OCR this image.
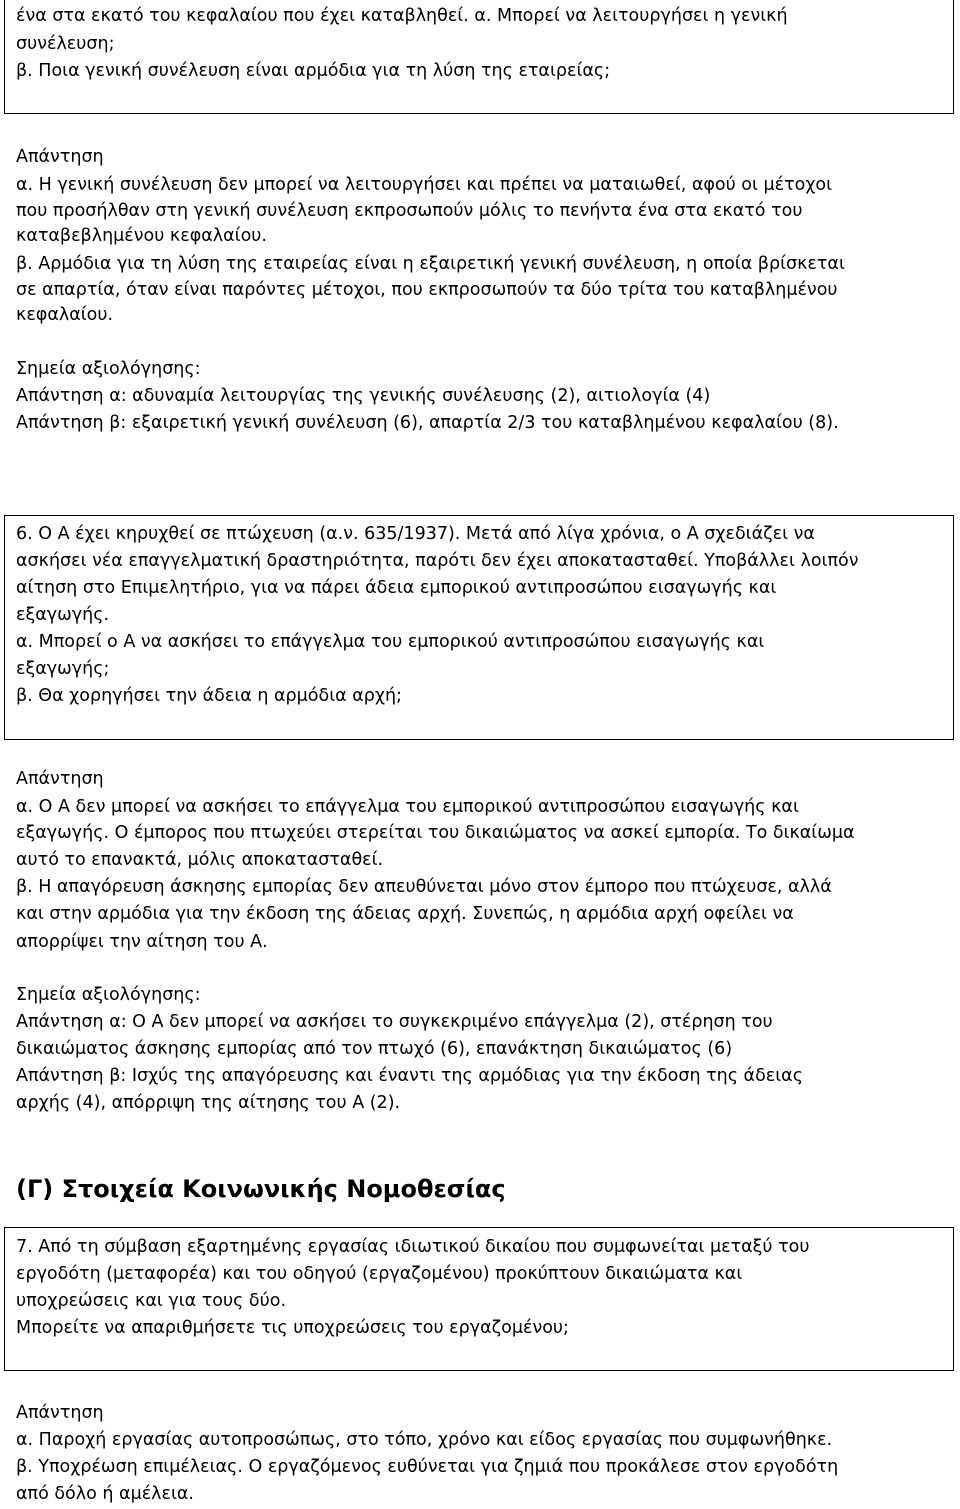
ένα στα εκατό του κεφαλαίου που έχει καταβληθεί. α. Μπορεί να λειτουργήσει η γενική
συνέλευση;
β. Ποια γενική συνέλευση είναι αρμόδια για τη λύση της εταιρείας;
Απάντηση
α. Η γενική συνέλευση δεν μπορεί να λειτουργήσει και πρέπει να ματαιωθεί, αφού οι μέτοχοι
που προσήλθαν στη γενική συνέλευση εκπροσωπούν μόλις το πενήντα ένα στα εκατό του
καταβεβλημένου κεφαλαίου.
β. Αρμόδια για τη λύση της εταιρείας είναι η εξαιρετική γενική συνέλευση, η οποία βρίσκεται
σε απαρτία, όταν είναι παρόντες μέτοχοι, που εκπροσωπούν τα δύο τρίτα του καταβλημένου
κεφαλαίου.
Σημεία αξιολόγησης:
Απάντηση α: αδυναμία λειτουργίας της γενικής συνέλευσης (2), αιτιολογία (4)
Απάντηση β: εξαιρετική γενική συνέλευση (6), απαρτία 2/3 του καταβλημένου κεφαλαίου (8).
6. Ο Α έχει κηρυχθεί σε πτώχευση (α.ν. 635/1937). Μετά από λίγα χρόνια, ο Α σχεδιάζει να
ασκήσει νέα επαγγελματική δραστηριότητα, παρότι δεν έχει αποκατασταθεί. Υποβάλλει λοιπόν
αίτηση στο Επιμελητήριο, για να πάρει άδεια εμπορικού αντιπροσώπου εισαγωγής και
εξαγωγής.
α. Μπορεί ο Α να ασκήσει το επάγγελμα του εμπορικού αντιπροσώπου εισαγωγής και
εξαγωγής;
β. Θα χορηγήσει την άδεια η αρμόδια αρχή;
Απάντηση
α. Ο Α δεν μπορεί να ασκήσει το επάγγελμα του εμπορικού αντιπροσώπου εισαγωγής και
εξαγωγής. Ο έμπορος που πτωχεύει στερείται του δικαιώματος να ασκεί εμπορία. Το δικαίωμα
αυτό το επανακτά, μόλις αποκατασταθεί.
β. Η απαγόρευση άσκησης εμπορίας δεν απευθύνεται μόνο στον έμπορο που πτώχευσε, αλλά
και στην αρμόδια για την έκδοση της άδειας αρχή. Συνεπώς, η αρμόδια αρχή οφείλει να
απορρίψει την αίτηση του Α.
Σημεία αξιολόγησης:
Απάντηση α: Ο Α δεν μπορεί να ασκήσει το συγκεκριμένο επάγγελμα (2), στέρηση του
δικαιώματος άσκησης εμπορίας από τον πτωχό (6), επανάκτηση δικαιώματος (6)
Απάντηση β: Ισχύς της απαγόρευσης και έναντι της αρμόδιας για την έκδοση της άδειας
αρχής (4), απόρριψη της αίτησης του Α (2).
(Γ) Στοιχεία Κοινωνικής Νομοθεσίας
7. Από τη σύμβαση εξαρτημένης εργασίας ιδιωτικού δικαίου που συμφωνείται μεταξύ του
εργοδότη (μεταφορέα) και του οδηγού (εργαζομένου) προκύπτουν δικαιώματα και
υποχρεώσεις και για τους δύο.
Μπορείτε να απαριθμήσετε τις υποχρεώσεις του εργαζομένου;
Απάντηση
α. Παροχή εργασίας αυτοπροσώπως, στο τόπο, χρόνο και είδος εργασίας που συμφωνήθηκε.
β. Υποχρέωση επιμέλειας. Ο εργαζόμενος ευθύνεται για ζημιά που προκάλεσε στον εργοδότη
από δόλο ή αμέλεια.
